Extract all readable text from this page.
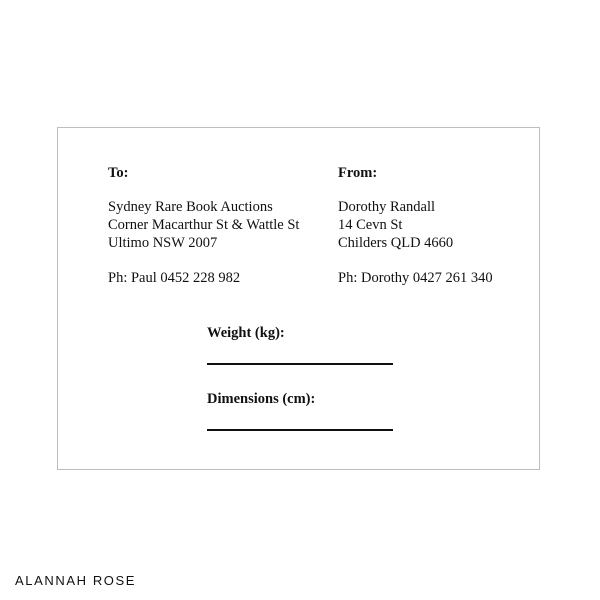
To:
Sydney Rare Book Auctions
Corner Macarthur St & Wattle St
Ultimo NSW 2007
Ph: Paul 0452 228 982
From:
Dorothy Randall
14 Cevn St
Childers QLD 4660
Ph: Dorothy 0427 261 340
Weight (kg):
Dimensions (cm):
ALANNAH ROSE
